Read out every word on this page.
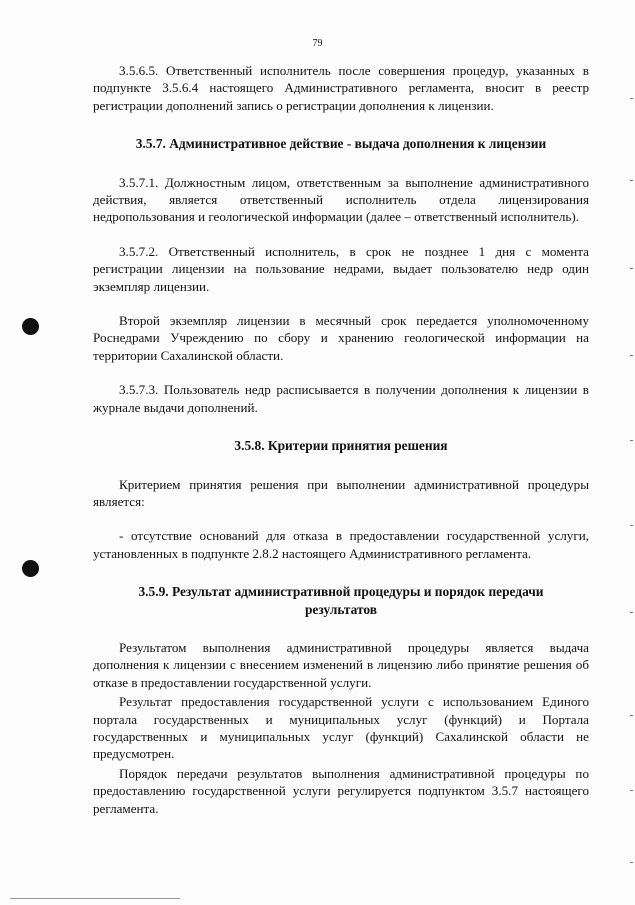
79

3.5.6.5. Ответственный исполнитель после совершения процедур, указанных в подпункте 3.5.6.4 настоящего Административного регламента, вносит в реестр регистрации дополнений запись о регистрации дополнения к лицензии.

3.5.7. Административное действие - выдача дополнения к лицензии

3.5.7.1. Должностным лицом, ответственным за выполнение административного действия, является ответственный исполнитель отдела лицензирования недропользования и геологической информации (далее – ответственный исполнитель).

3.5.7.2. Ответственный исполнитель, в срок не позднее 1 дня с момента регистрации лицензии на пользование недрами, выдает пользователю недр один экземпляр лицензии.

Второй экземпляр лицензии в месячный срок передается уполномоченному Роснедрами Учреждению по сбору и хранению геологической информации на территории Сахалинской области.

3.5.7.3. Пользователь недр расписывается в получении дополнения к лицензии в журнале выдачи дополнений.

3.5.8. Критерии принятия решения

Критерием принятия решения при выполнении административной процедуры является:

- отсутствие оснований для отказа в предоставлении государственной услуги, установленных в подпункте 2.8.2 настоящего Административного регламента.

3.5.9. Результат административной процедуры и порядок передачи результатов

Результатом выполнения административной процедуры является выдача дополнения к лицензии с внесением изменений в лицензию либо принятие решения об отказе в предоставлении государственной услуги.

Результат предоставления государственной услуги с использованием Единого портала государственных и муниципальных услуг (функций) и Портала государственных и муниципальных услуг (функций) Сахалинской области не предусмотрен.

Порядок передачи результатов выполнения административной процедуры по предоставлению государственной услуги регулируется подпунктом 3.5.7 настоящего регламента.
